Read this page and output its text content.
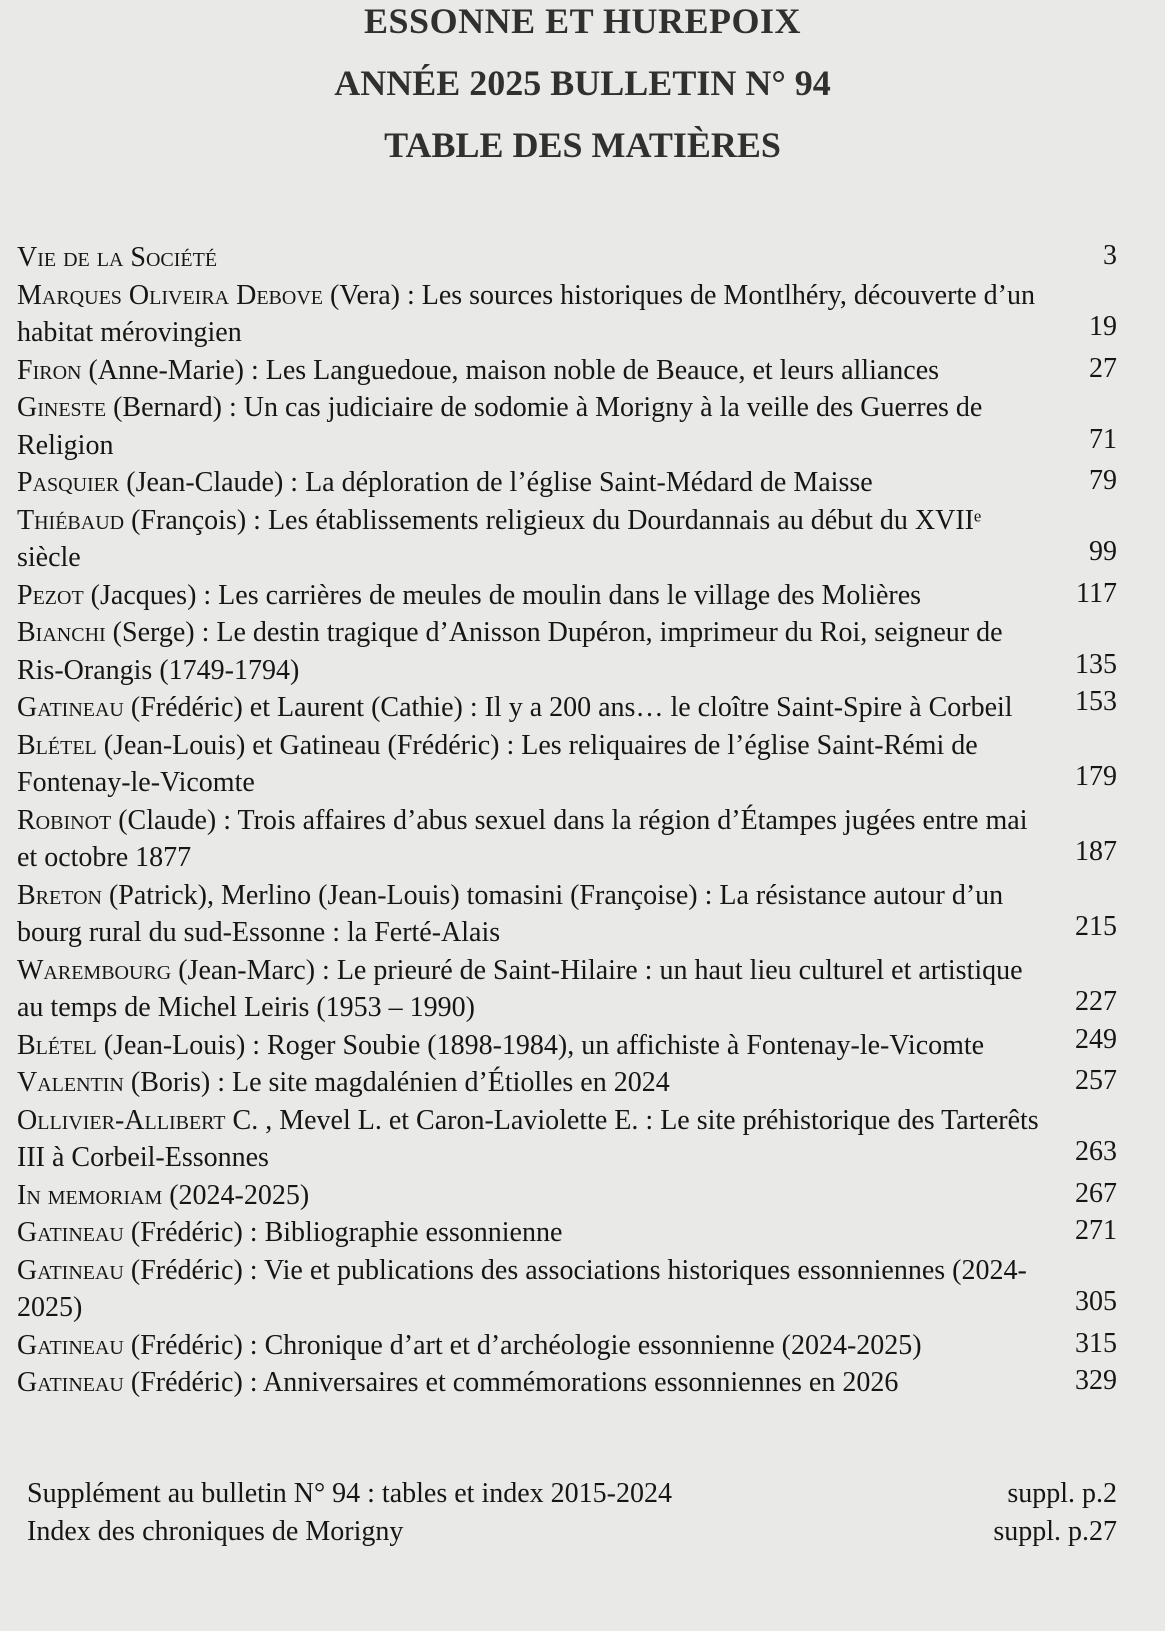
ESSONNE ET HUREPOIX
ANNÉE 2025 BULLETIN N° 94
TABLE DES MATIÈRES
Vie de la Société	3
Marques Oliveira Debove (Vera) : Les sources historiques de Montlhéry, découverte d’un habitat mérovingien	19
Firon (Anne-Marie) : Les Languedoue, maison noble de Beauce, et leurs alliances	27
Gineste (Bernard) : Un cas judiciaire de sodomie à Morigny à la veille des Guerres de Religion	71
Pasquier (Jean-Claude) : La déploration de l’église Saint-Médard de Maisse	79
Thiébaud (François) : Les établissements religieux du Dourdannais au début du XVIIᵉ siècle	99
Pezot (Jacques) : Les carrières de meules de moulin dans le village des Molières	117
Bianchi (Serge) : Le destin tragique d’Anisson Dupéron, imprimeur du Roi, seigneur de Ris-Orangis (1749-1794)	135
Gatineau (Frédéric) et Laurent (Cathie) : Il y a 200 ans… le cloître Saint-Spire à Corbeil	153
Blétel (Jean-Louis) et Gatineau (Frédéric) : Les reliquaires de l’église Saint-Rémi de Fontenay-le-Vicomte	179
Robinot (Claude) : Trois affaires d’abus sexuel dans la région d’Étampes jugées entre mai et octobre 1877	187
Breton (Patrick), Merlino (Jean-Louis) tomasini (Françoise) : La résistance autour d’un bourg rural du sud-Essonne : la Ferté-Alais	215
Warembourg (Jean-Marc) : Le prieuré de Saint-Hilaire : un haut lieu culturel et artistique au temps de Michel Leiris (1953 – 1990)	227
Blétel (Jean-Louis) : Roger Soubie (1898-1984), un affichiste à Fontenay-le-Vicomte	249
Valentin (Boris) : Le site magdalénien d’Étiolles en 2024	257
Ollivier-Allibert C. , Mevel L. et Caron-Laviolette E. : Le site préhistorique des Tarterêts III à Corbeil-Essonnes	263
In memoriam (2024-2025)	267
Gatineau (Frédéric) : Bibliographie essonnienne	271
Gatineau (Frédéric) : Vie et publications des associations historiques essonniennes (2024-2025)	305
Gatineau (Frédéric) : Chronique d’art et d’archéologie essonnienne (2024-2025)	315
Gatineau (Frédéric) : Anniversaires et commémorations essonniennes en 2026	329
Supplément au bulletin N° 94 : tables et index 2015-2024	suppl. p.2
Index des chroniques de Morigny	suppl. p.27
